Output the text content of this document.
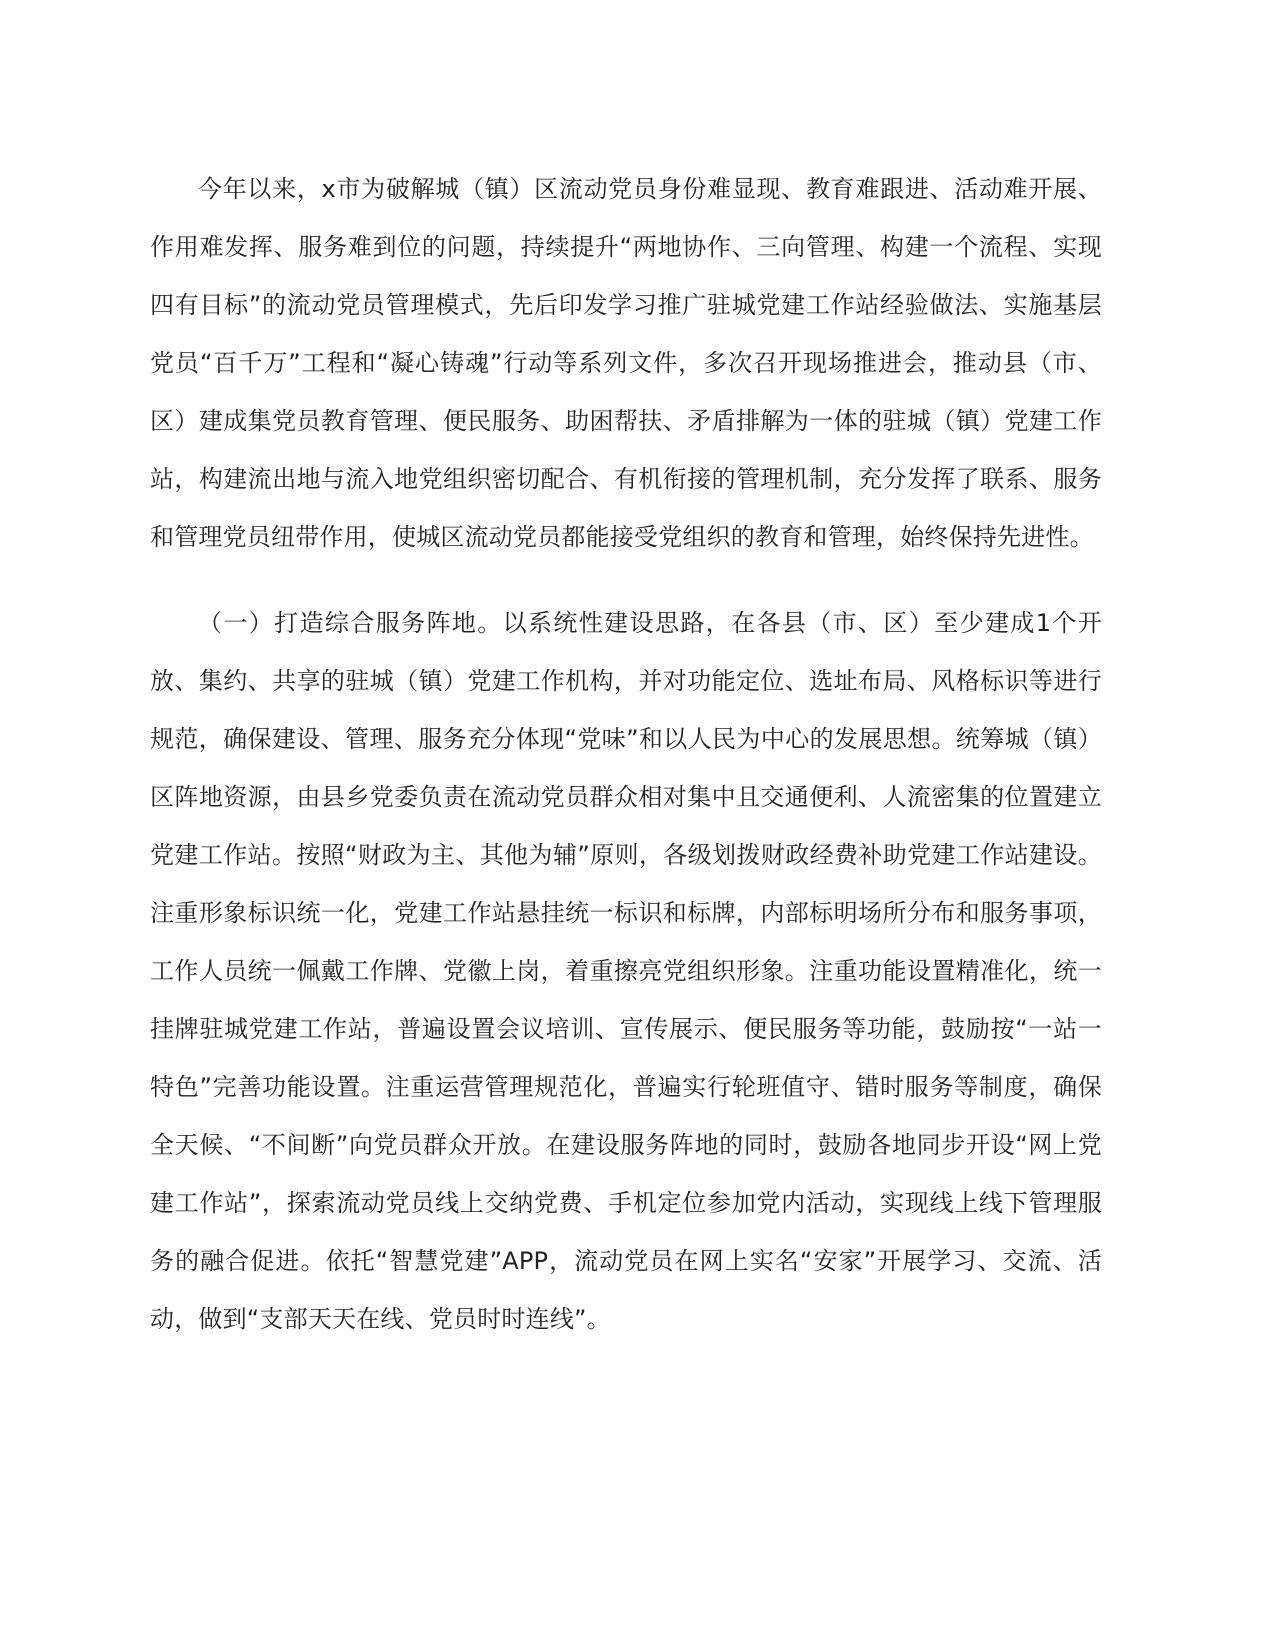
今年以来，x市为破解城（镇）区流动党员身份难显现、教育难跟进、活动难开展、作用难发挥、服务难到位的问题，持续提升“两地协作、三向管理、构建一个流程、实现四有目标”的流动党员管理模式，先后印发学习推广驻城党建工作站经验做法、实施基层党员“百千万”工程和“凝心铸魂”行动等系列文件，多次召开现场推进会，推动县（市、区）建成集党员教育管理、便民服务、助困帮扶、矛盾排解为一体的驻城（镇）党建工作站，构建流出地与流入地党组织密切配合、有机衔接的管理机制，充分发挥了联系、服务和管理党员纽带作用，使城区流动党员都能接受党组织的教育和管理，始终保持先进性。

（一）打造综合服务阵地。以系统性建设思路，在各县（市、区）至少建成1个开放、集约、共享的驻城（镇）党建工作机构，并对功能定位、选址布局、风格标识等进行规范，确保建设、管理、服务充分体现“党味”和以人民为中心的发展思想。统筹城（镇）区阵地资源，由县乡党委负责在流动党员群众相对集中且交通便利、人流密集的位置建立党建工作站。按照“财政为主、其他为辅”原则，各级划拨财政经费补助党建工作站建设。注重形象标识统一化，党建工作站悬挂统一标识和标牌，内部标明场所分布和服务事项，工作人员统一佩戴工作牌、党徽上岗，着重擦亮党组织形象。注重功能设置精准化，统一挂牌驻城党建工作站，普遍设置会议培训、宣传展示、便民服务等功能，鼓励按“一站一特色”完善功能设置。注重运营管理规范化，普遍实行轮班值守、错时服务等制度，确保全天候、“不间断”向党员群众开放。在建设服务阵地的同时，鼓励各地同步开设“网上党建工作站”，探索流动党员线上交纳党费、手机定位参加党内活动，实现线上线下管理服务的融合促进。依托“智慧党建”APP，流动党员在网上实名“安家”开展学习、交流、活动，做到“支部天天在线、党员时时连线”。
